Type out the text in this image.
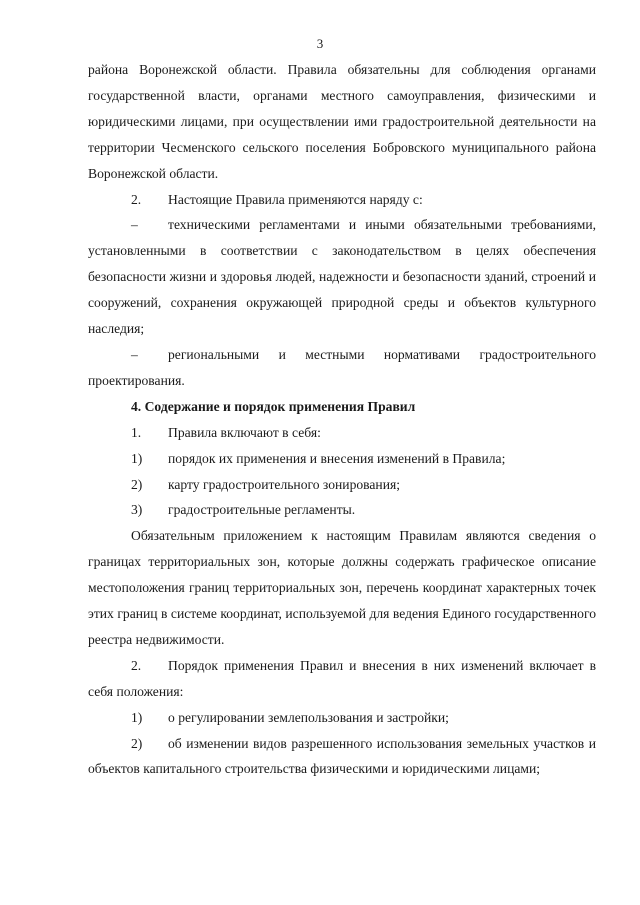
3

района Воронежской области. Правила обязательны для соблюдения органами государственной власти, органами местного самоуправления, физическими и юридическими лицами, при осуществлении ими градостроительной деятельности на территории Чесменского сельского поселения Бобровского муниципального района Воронежской области.

2.	Настоящие Правила применяются наряду с:

– техническими регламентами и иными обязательными требованиями, установленными в соответствии с законодательством в целях обеспечения безопасности жизни и здоровья людей, надежности и безопасности зданий, строений и сооружений, сохранения окружающей природной среды и объектов культурного наследия;

– региональными и местными нормативами градостроительного проектирования.

4. Содержание и порядок применения Правил

1.	Правила включают в себя:
1)	порядок их применения и внесения изменений в Правила;
2)	карту градостроительного зонирования;
3)	градостроительные регламенты.

Обязательным приложением к настоящим Правилам являются сведения о границах территориальных зон, которые должны содержать графическое описание местоположения границ территориальных зон, перечень координат характерных точек этих границ в системе координат, используемой для ведения Единого государственного реестра недвижимости.

2. Порядок применения Правил и внесения в них изменений включает в себя положения:

1)	о регулировании землепользования и застройки;

2) об изменении видов разрешенного использования земельных участков и объектов капитального строительства физическими и юридическими лицами;
